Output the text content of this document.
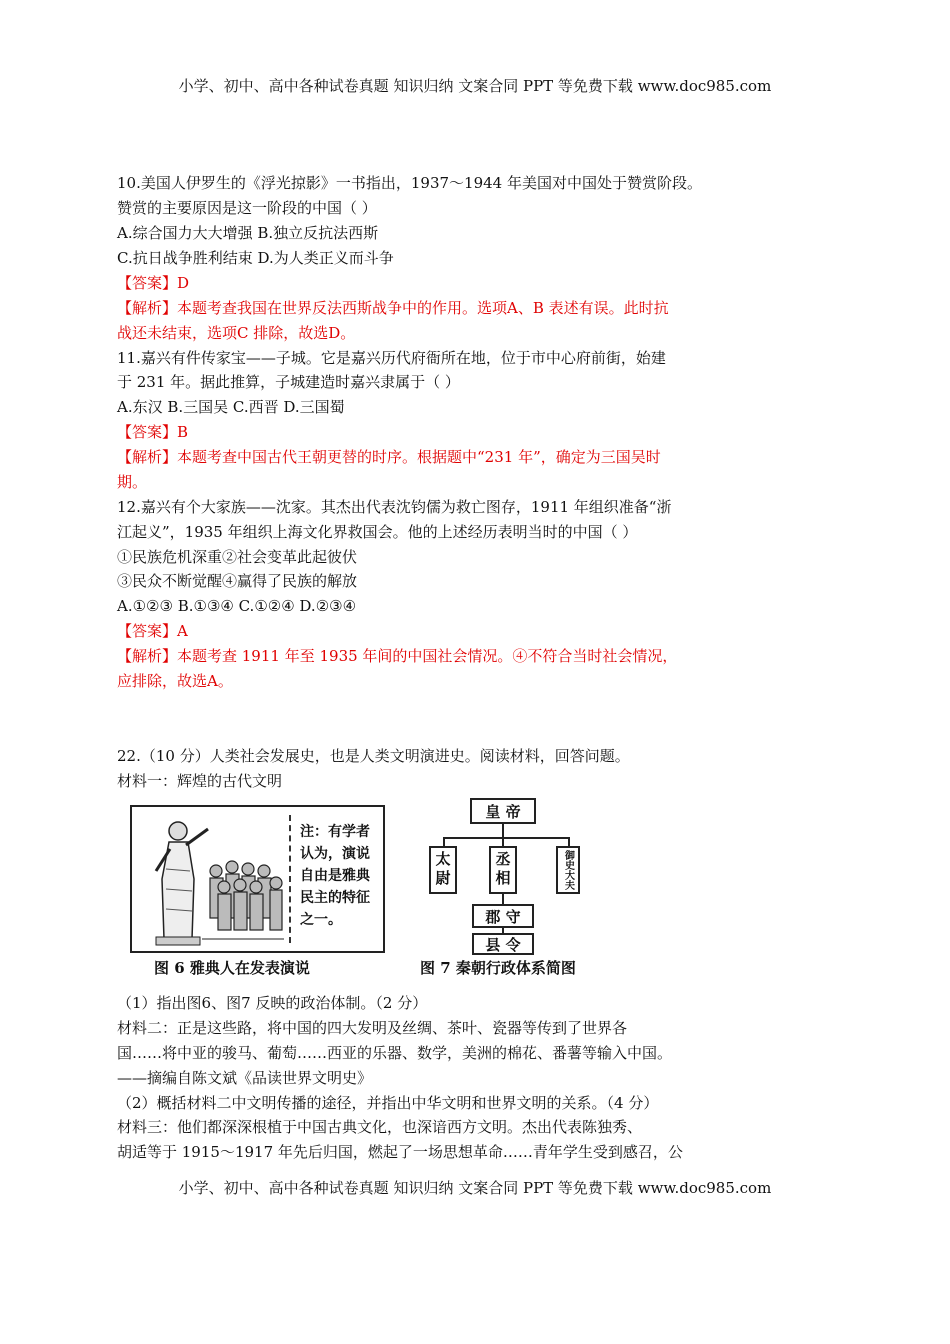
小学、初中、高中各种试卷真题 知识归纳 文案合同 PPT 等免费下载 www.doc985.com
10.美国人伊罗生的《浮光掠影》一书指出，1937～1944 年美国对中国处于赞赏阶段。
赞赏的主要原因是这一阶段的中国（ ）
A.综合国力大大增强 B.独立反抗法西斯
C.抗日战争胜利结束 D.为人类正义而斗争
【答案】D
【解析】本题考查我国在世界反法西斯战争中的作用。选项A、B 表述有误。此时抗
战还未结束，选项C 排除，故选D。
11.嘉兴有件传家宝——子城。它是嘉兴历代府衙所在地，位于市中心府前街，始建
于 231 年。据此推算，子城建造时嘉兴隶属于（ ）
A.东汉 B.三国吴 C.西晋 D.三国蜀
【答案】B
【解析】本题考查中国古代王朝更替的时序。根据题中“231 年”，确定为三国吴时
期。
12.嘉兴有个大家族——沈家。其杰出代表沈钧儒为救亡图存，1911 年组织准备“浙
江起义”，1935 年组织上海文化界救国会。他的上述经历表明当时的中国（ ）
①民族危机深重②社会变革此起彼伏
③民众不断觉醒④赢得了民族的解放
A.①②③ B.①③④ C.①②④ D.②③④
【答案】A
【解析】本题考查 1911 年至 1935 年间的中国社会情况。④不符合当时社会情况，
应排除，故选A。
22.（10 分）人类社会发展史，也是人类文明演进史。阅读材料，回答问题。
材料一：辉煌的古代文明
注：有学者认为，演说自由是雅典民主的特征之一。
图 6 雅典人在发表演说
皇 帝
太尉	丞相	御史大夫
郡 守
县 令
图 7 秦朝行政体系简图
（1）指出图6、图7 反映的政治体制。（2 分）
材料二：正是这些路，将中国的四大发明及丝绸、茶叶、瓷器等传到了世界各
国……将中亚的骏马、葡萄……西亚的乐器、数学，美洲的棉花、番薯等输入中国。
——摘编自陈文斌《品读世界文明史》
（2）概括材料二中文明传播的途径，并指出中华文明和世界文明的关系。（4 分）
材料三：他们都深深根植于中国古典文化，也深谙西方文明。杰出代表陈独秀、
胡适等于 1915～1917 年先后归国，燃起了一场思想革命……青年学生受到感召，公
小学、初中、高中各种试卷真题 知识归纳 文案合同 PPT 等免费下载 www.doc985.com
